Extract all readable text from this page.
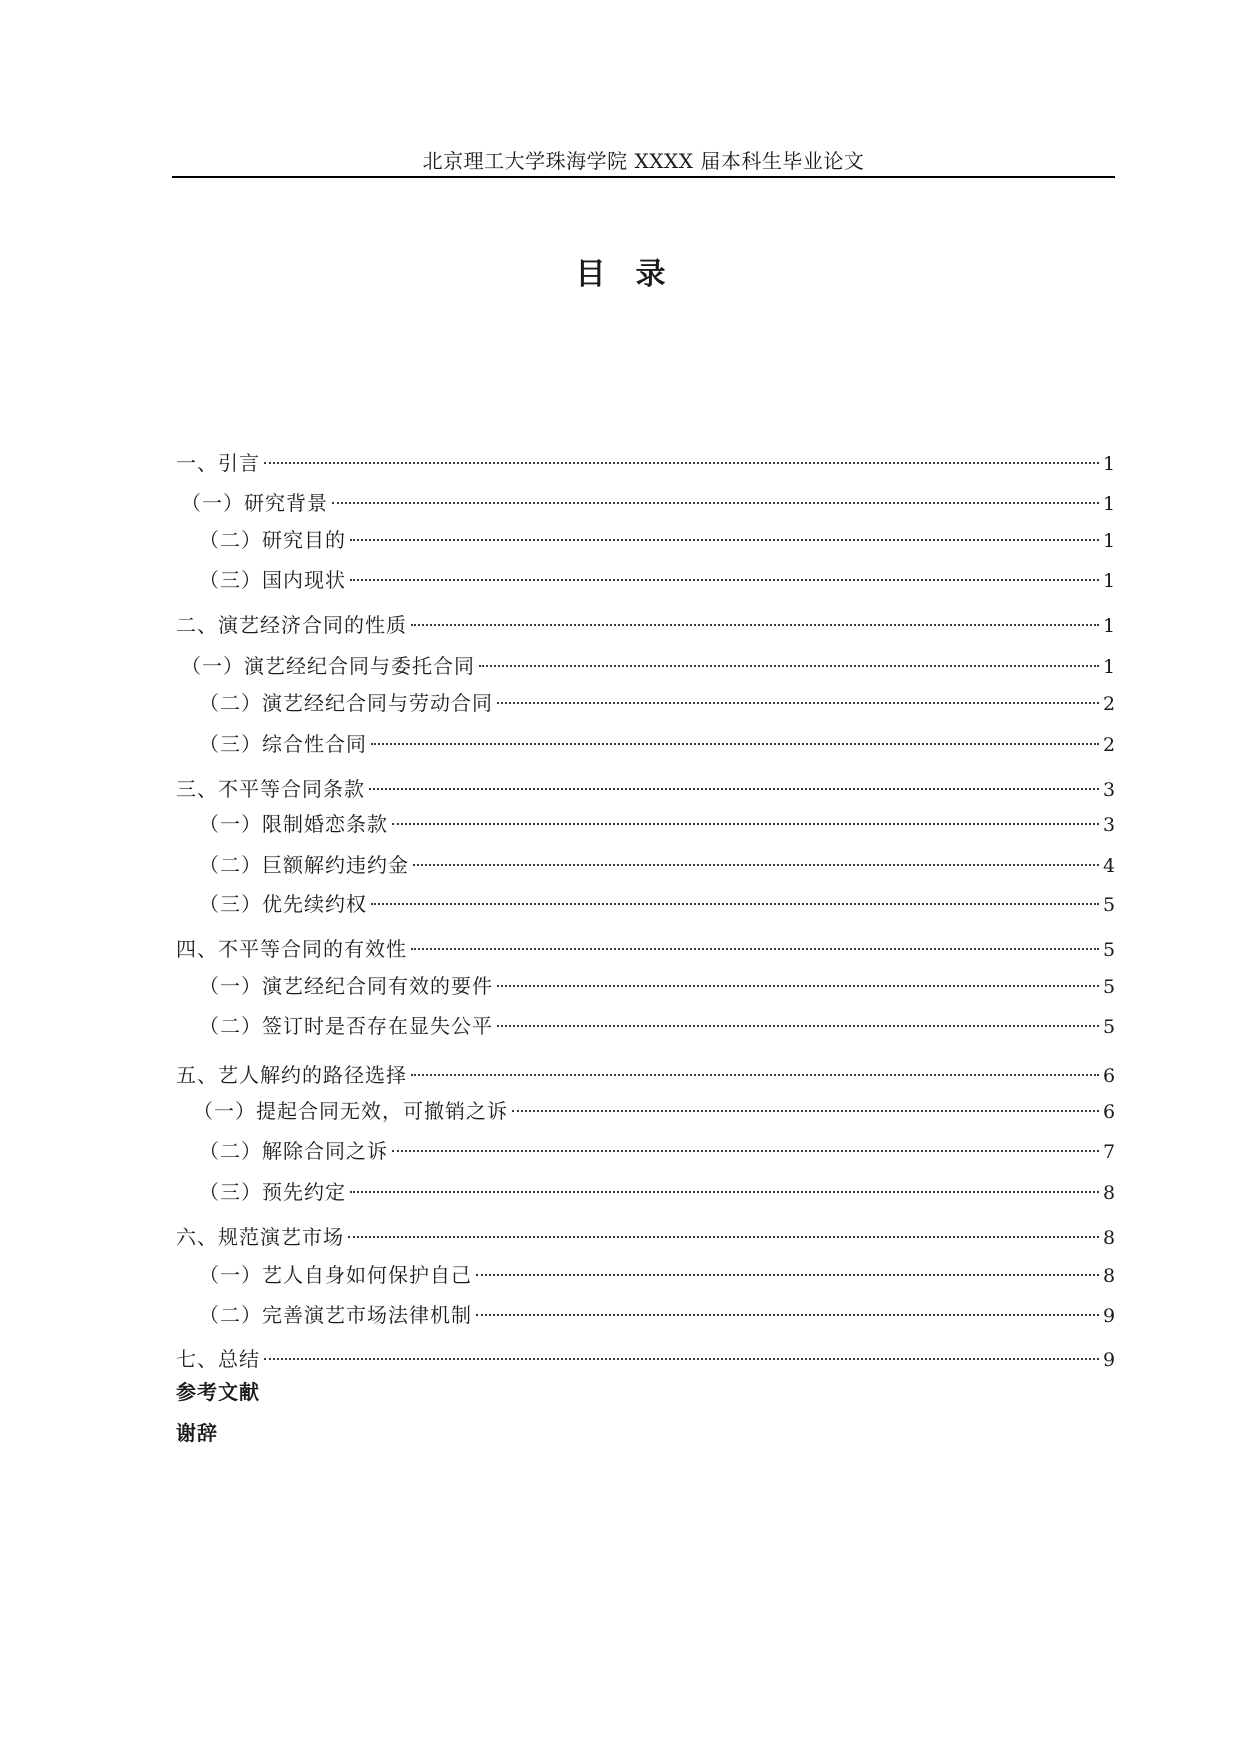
北京理工大学珠海学院 XXXX 届本科生毕业论文
目录
一、引言	1
（一）研究背景	1
（二）研究目的	1
（三）国内现状	1
二、演艺经济合同的性质	1
（一）演艺经纪合同与委托合同	1
（二）演艺经纪合同与劳动合同	2
（三）综合性合同	2
三、不平等合同条款	3
（一）限制婚恋条款	3
（二）巨额解约违约金	4
（三）优先续约权	5
四、不平等合同的有效性	5
（一）演艺经纪合同有效的要件	5
（二）签订时是否存在显失公平	5
五、艺人解约的路径选择	6
（一）提起合同无效，可撤销之诉	6
（二）解除合同之诉	7
（三）预先约定	8
六、规范演艺市场	8
（一）艺人自身如何保护自己	8
（二）完善演艺市场法律机制	9
七、总结	9
参考文献
谢辞
